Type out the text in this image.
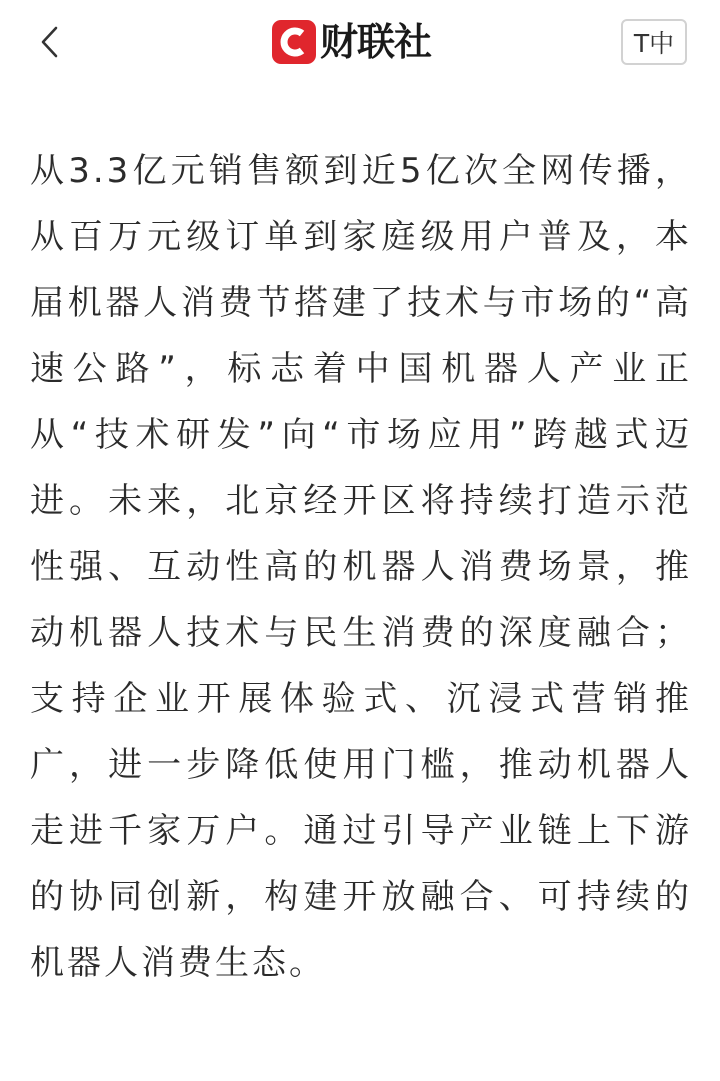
财联社	T中

从3.3亿元销售额到近5亿次全网传播，从百万元级订单到家庭级用户普及，本届机器人消费节搭建了技术与市场的“高速公路”，标志着中国机器人产业正从“技术研发”向“市场应用”跨越式迈进。未来，北京经开区将持续打造示范性强、互动性高的机器人消费场景，推动机器人技术与民生消费的深度融合；支持企业开展体验式、沉浸式营销推广，进一步降低使用门槛，推动机器人走进千家万户。通过引导产业链上下游的协同创新，构建开放融合、可持续的机器人消费生态。
